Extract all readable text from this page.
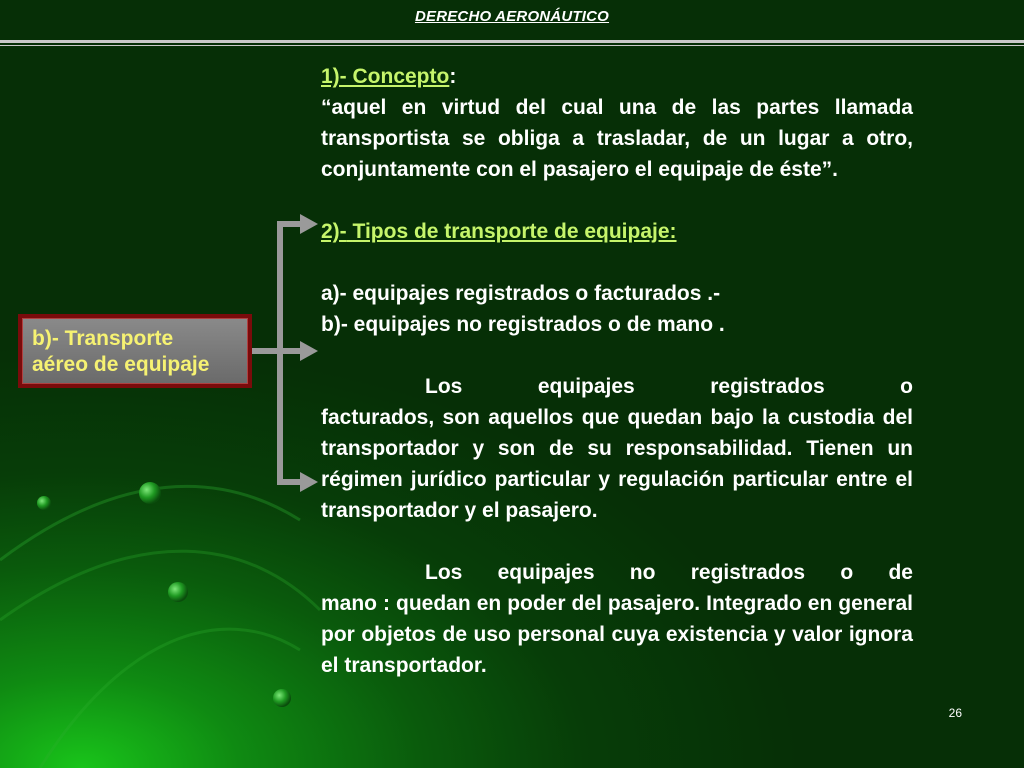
DERECHO AERONÁUTICO
b)- Transporte
aéreo de equipaje

1)- Concepto:

“aquel en virtud del cual una de las partes llamada transportista se obliga a trasladar, de un lugar a otro, conjuntamente con el pasajero el equipaje de éste”.

2)- Tipos de transporte de equipaje:

a)- equipajes registrados o facturados .-

b)- equipajes no registrados o de mano .

Los	equipajes	registrados	o
facturados, son aquellos que quedan bajo la custodia del transportador y son de su responsabilidad. Tienen un régimen jurídico particular y regulación particular entre el transportador y el pasajero.

Los equipajes no registrados o de
mano : quedan en poder del pasajero. Integrado en general por objetos de uso personal cuya existencia y valor ignora el transportador.

26
